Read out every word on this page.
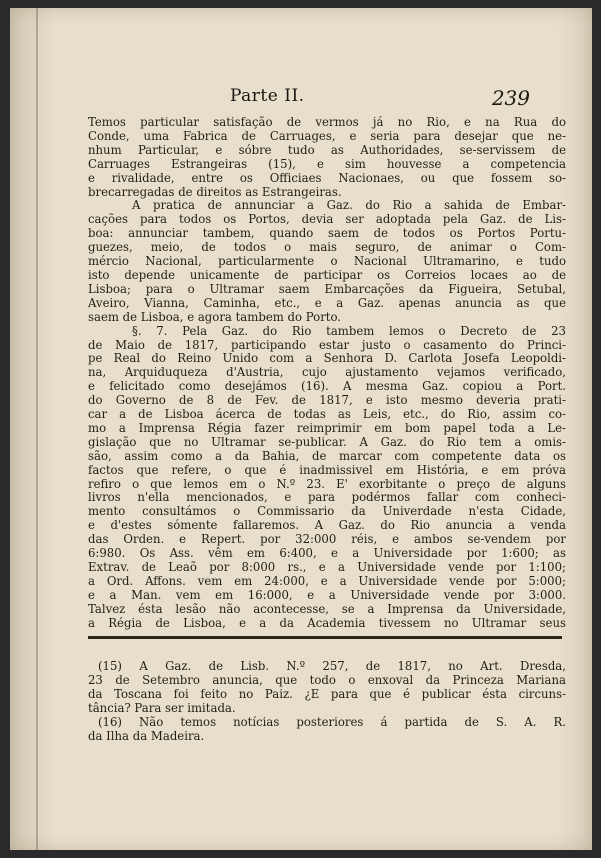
Parte II.	239
Temos particular satisfação de vermos já no Rio, e na Rua do
Conde, uma Fabrica de Carruages, e seria para desejar que ne-
nhum Particular, e sóbre tudo as Authoridades, se-servissem de
Carruages Estrangeiras (15), e sim houvesse a competencia
e rivalidade, entre os Officiaes Nacionaes, ou que fossem so-
brecarregadas de direitos as Estrangeiras.
A pratica de annunciar a Gaz. do Rio a sahida de Embar-
cações para todos os Portos, devia ser adoptada pela Gaz. de Lis-
boa: annunciar tambem, quando saem de todos os Portos Portu-
guezes, meio, de todos o mais seguro, de animar o Com-
mércio Nacional, particularmente o Nacional Ultramarino, e tudo
isto depende unicamente de participar os Correios locaes ao de
Lisboa; para o Ultramar saem Embarcações da Figueira, Setubal,
Aveiro, Vianna, Caminha, etc., e a Gaz. apenas anuncia as que
saem de Lisboa, e agora tambem do Porto.
§. 7. Pela Gaz. do Rio tambem lemos o Decreto de 23
de Maio de 1817, participando estar justo o casamento do Princi-
pe Real do Reino Unido com a Senhora D. Carlota Josefa Leopoldi-
na, Arquiduqueza d'Austria, cujo ajustamento vejamos verificado,
e felicitado como desejámos (16). A mesma Gaz. copiou a Port.
do Governo de 8 de Fev. de 1817, e isto mesmo deveria prati-
car a de Lisboa ácerca de todas as Leis, etc., do Rio, assim co-
mo a Imprensa Régia fazer reimprimir em bom papel toda a Le-
gislação que no Ultramar se-publicar. A Gaz. do Rio tem a omis-
são, assim como a da Bahia, de marcar com competente data os
factos que refere, o que é inadmissivel em História, e em próva
refiro o que lemos em o N.º 23. E' exorbitante o preço de alguns
livros n'ella mencionados, e para podérmos fallar com conheci-
mento consultámos o Commissario da Univerdade n'esta Cidade,
e d'estes sómente fallaremos. A Gaz. do Rio anuncia a venda
das Orden. e Repert. por 32:000 réis, e ambos se-vendem por
6:980. Os Ass. vêm em 6:400, e a Universidade por 1:600; as
Extrav. de Leaõ por 8:000 rs., e a Universidade vende por 1:100;
a Ord. Affons. vem em 24:000, e a Universidade vende por 5:000;
e a Man. vem em 16:000, e a Universidade vende por 3:000.
Talvez ésta lesão não acontecesse, se a Imprensa da Universidade,
a Régia de Lisboa, e a da Academia tivessem no Ultramar seus
(15) A Gaz. de Lisb. N.º 257, de 1817, no Art. Dresda,
23 de Setembro anuncia, que todo o enxoval da Princeza Mariana
da Toscana foi feito no Paiz. ¿E para que é publicar ésta circuns-
tância? Para ser imitada.
(16) Não temos notícias posteriores á partida de S. A. R.
da Ilha da Madeira.
